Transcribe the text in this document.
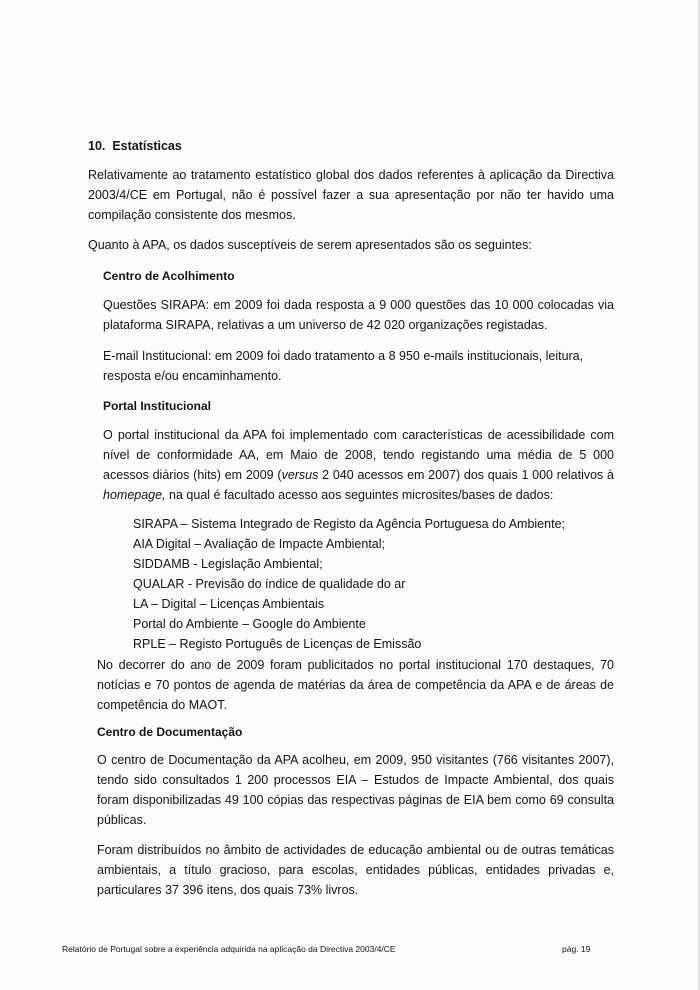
10. Estatísticas
Relativamente ao tratamento estatístico global dos dados referentes à aplicação da Directiva
2003/4/CE em Portugal, não é possível fazer a sua apresentação por não ter havido uma
compilação consistente dos mesmos.

Quanto à APA, os dados susceptíveis de serem apresentados são os seguintes:

Centro de Acolhimento
Questões SIRAPA: em 2009 foi dada resposta a 9 000 questões das 10 000 colocadas via
plataforma SIRAPA, relativas a um universo de 42 020 organizações registadas.
E-mail Institucional: em 2009 foi dado tratamento a 8 950 e-mails institucionais, leitura,
resposta e/ou encaminhamento.
Portal Institucional
O portal institucional da APA foi implementado com características de acessibilidade com
nível de conformidade AA, em Maio de 2008, tendo registando uma média de 5 000
acessos diários (hits) em 2009 (versus 2 040 acessos em 2007) dos quais 1 000 relativos à
homepage, na qual é facultado acesso aos seguintes microsites/bases de dados:
SIRAPA – Sistema Integrado de Registo da Agência Portuguesa do Ambiente;
AIA Digital – Avaliação de Impacte Ambiental;
SIDDAMB - Legislação Ambiental;
QUALAR - Previsão do índice de qualidade do ar
LA – Digital – Licenças Ambientais
Portal do Ambiente – Google do Ambiente
RPLE – Registo Português de Licenças de Emissão
No decorrer do ano de 2009 foram publicitados no portal institucional 170 destaques, 70
notícias e 70 pontos de agenda de matérias da área de competência da APA e de áreas de
competência do MAOT.
Centro de Documentação
O centro de Documentação da APA acolheu, em 2009, 950 visitantes (766 visitantes 2007),
tendo sido consultados 1 200 processos EIA – Estudos de Impacte Ambiental, dos quais
foram disponibilizadas 49 100 cópias das respectivas páginas de EIA bem como 69 consulta
públicas.
Foram distribuídos no âmbito de actividades de educação ambiental ou de outras temáticas
ambientais, a título gracioso, para escolas, entidades públicas, entidades privadas e,
particulares 37 396 itens, dos quais 73% livros.
Relatório de Portugal sobre a experiência adquirida na aplicação da Directiva 2003/4/CE	pág. 19
